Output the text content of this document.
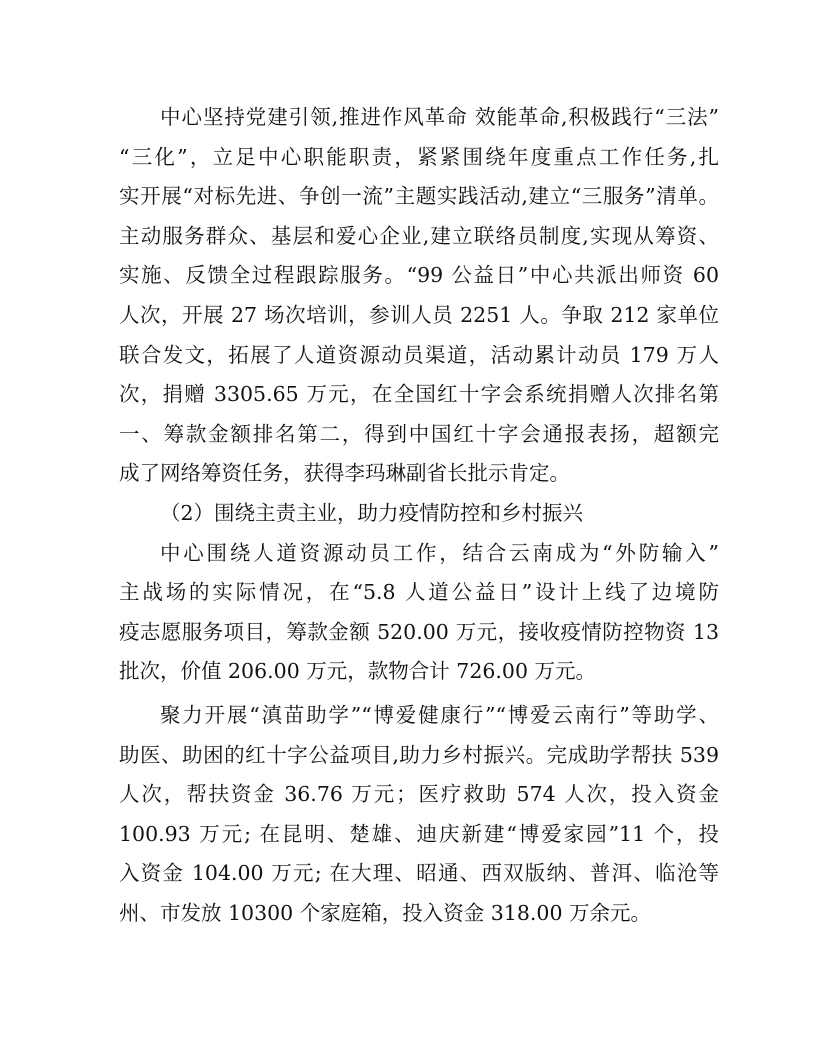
中心坚持党建引领,推进作风革命 效能革命,积极践行“三法”
“三化”，立足中心职能职责，紧紧围绕年度重点工作任务,扎
实开展“对标先进、争创一流”主题实践活动,建立“三服务”清单。
主动服务群众、基层和爱心企业,建立联络员制度,实现从筹资、
实施、反馈全过程跟踪服务。“99 公益日”中心共派出师资 60
人次，开展 27 场次培训，参训人员 2251 人。争取 212 家单位
联合发文，拓展了人道资源动员渠道，活动累计动员 179 万人
次，捐赠 3305.65 万元，在全国红十字会系统捐赠人次排名第
一、筹款金额排名第二，得到中国红十字会通报表扬，超额完
成了网络筹资任务，获得李玛琳副省长批示肯定。
（2）围绕主责主业，助力疫情防控和乡村振兴
中心围绕人道资源动员工作，结合云南成为“外防输入”
主战场的实际情况，在“5.8 人道公益日”设计上线了边境防
疫志愿服务项目，筹款金额 520.00 万元，接收疫情防控物资 13
批次，价值 206.00 万元，款物合计 726.00 万元。
聚力开展“滇苗助学”“博爱健康行”“博爱云南行”等助学、
助医、助困的红十字公益项目,助力乡村振兴。完成助学帮扶 539
人次，帮扶资金 36.76 万元；医疗救助 574 人次，投入资金
100.93 万元; 在昆明、楚雄、迪庆新建“博爱家园”11 个，投
入资金 104.00 万元; 在大理、昭通、西双版纳、普洱、临沧等
州、市发放 10300 个家庭箱，投入资金 318.00 万余元。
